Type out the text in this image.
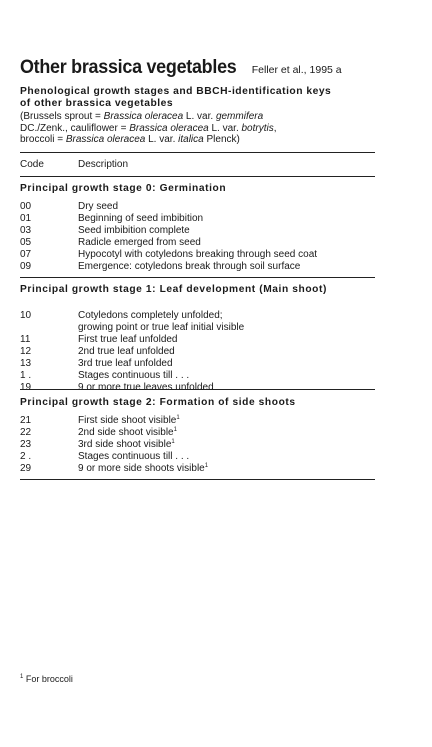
Other brassica vegetables Feller et al., 1995 a
Phenological growth stages and BBCH-identification keys
of other brassica vegetables
(Brussels sprout = Brassica oleracea L. var. gemmifera
DC./Zenk., cauliflower = Brassica oleracea L. var. botrytis,
broccoli = Brassica oleracea L. var. italica Plenck)
Code	Description
Principal growth stage 0: Germination
00	Dry seed
01	Beginning of seed imbibition
03	Seed imbibition complete
05	Radicle emerged from seed
07	Hypocotyl with cotyledons breaking through seed coat
09	Emergence: cotyledons break through soil surface
Principal growth stage 1: Leaf development (Main shoot)
10	Cotyledons completely unfolded;
growing point or true leaf initial visible
11	First true leaf unfolded
12	2nd true leaf unfolded
13	3rd true leaf unfolded
1 .	Stages continuous till . . .
19	9 or more true leaves unfolded
Principal growth stage 2: Formation of side shoots
21	First side shoot visible$^1$
22	2nd side shoot visible$^1$
23	3rd side shoot visible$^1$
2 .	Stages continuous till . . .
29	9 or more side shoots visible$^1$
$^1$ For broccoli
